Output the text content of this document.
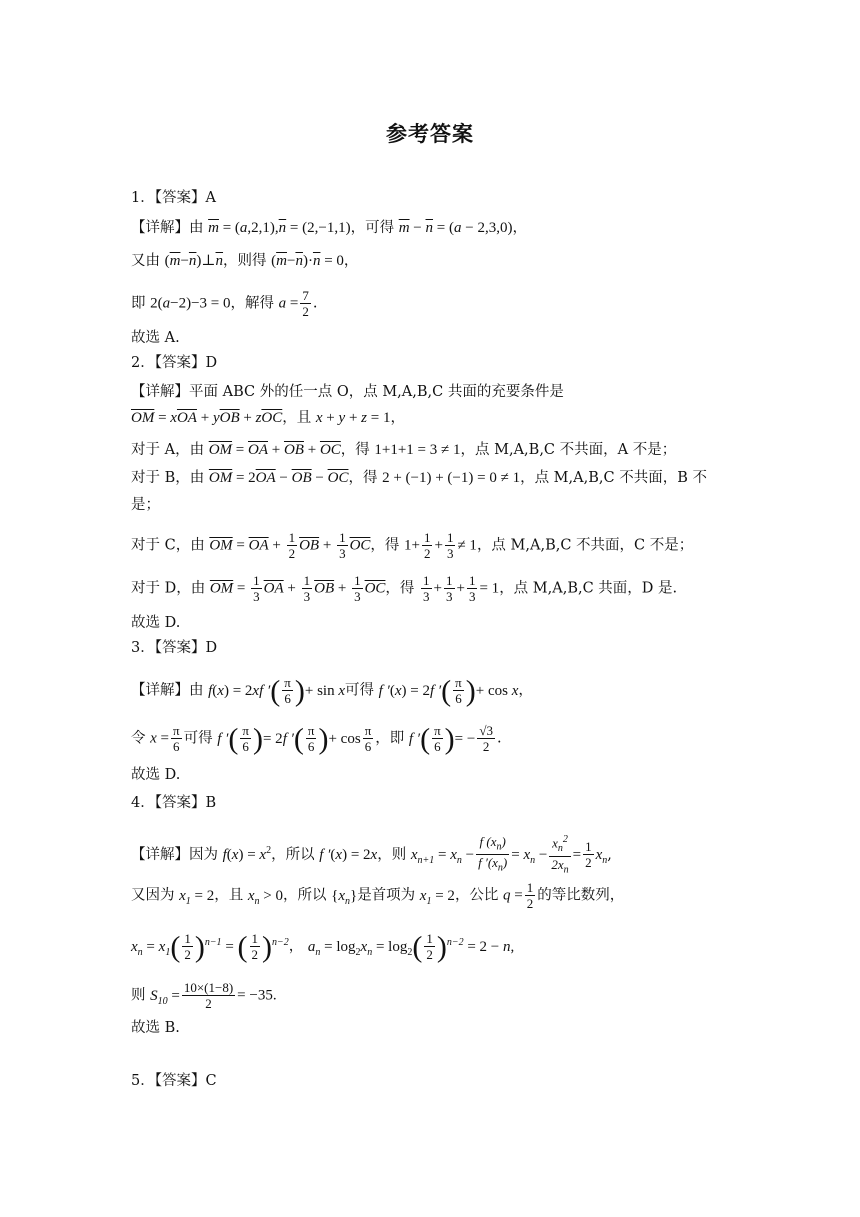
参考答案
1．【答案】A
【详解】由 $\overline{m} = (a,2,1),\overline{n} = (2,-1,1)$，可得 $\overline{m} - \overline{n} = (a - 2,3,0)$，
又由 $(\overline{m}-\overline{n})\perp\overline{n}$，则得 $(\overline{m}-\overline{n})\cdot\overline{n} = 0$，
即 2(a−2)−3 = 0，解得 $a = \frac{7}{2}$ .
故选 A.
2．【答案】D
【详解】平面 ABC 外的任一点 O，点 M,A,B,C 共面的充要条件是
$\overline{OM} = x\overline{OA} + y\overline{OB} + z\overline{OC}$，且 x + y + z = 1，
对于 A，由 $\overline{OM} = \overline{OA} + \overline{OB} + \overline{OC}$，得 1+1+1 = 3 ≠ 1，点 M,A,B,C 不共面，A 不是；
对于 B，由 $\overline{OM} = 2\overline{OA} - \overline{OB} - \overline{OC}$，得 2 + (−1) + (−1) = 0 ≠ 1，点 M,A,B,C 不共面，B 不
是；
对于 C，由 $\overline{OM} = \overline{OA} + \frac{1}{2} \overline{OB} + \frac{1}{3} \overline{OC}$，得 $1+ \frac{1}{2} + \frac{1}{3} \ne 1$，点 M,A,B,C 不共面，C 不是；
对于 D，由 $\overline{OM} = \frac{1}{3} \overline{OA} + \frac{1}{3} \overline{OB} + \frac{1}{3} \overline{OC}$，得 $\frac{1}{3} + \frac{1}{3} + \frac{1}{3} = 1$，点 M,A,B,C 共面，D 是.
故选 D.
3．【答案】D
【详解】由 f(x) = 2xf ′( $\frac{\pi}{6}$ )+ sin x可得 f ′(x) = 2f ′( $\frac{\pi}{6}$ )+ cos x，
令 $x = \frac{\pi}{6}$ 可得 f ′( $\frac{\pi}{6}$ )= 2f ′( $\frac{\pi}{6}$ )+ $\cos \frac{\pi}{6}$ ，即 f ′( $\frac{\pi}{6}$ )= − $\frac{√3}{2}$ .
故选 D.
4．【答案】B
【详解】因为 $f(x) = x^2$，所以 f ′(x) = 2x，则 $x_{n+1} = x_n - \frac{f (x_n)}{f '(x_n)} = x_n - \frac{x_n^2}{2x_n} = \frac{1}{2} x_n$,
又因为 $x_1 = 2$，且 $x_n > 0$，所以 $\{x_n\}$是首项为 $x_1 = 2$，公比 $q = \frac{1}{2}$ 的等比数列，
$x_n = x_1( \frac{1}{2} )^{n-1}$ = ( $\frac{1}{2} )^{n-2}$， $a_n = \log_2x_n = \log_2( \frac{1}{2} )^{n-2} = 2 - n$,
则 $S_{10} = \frac{10\times(1-8)}{2} = -35$.
故选 B.
5．【答案】C
